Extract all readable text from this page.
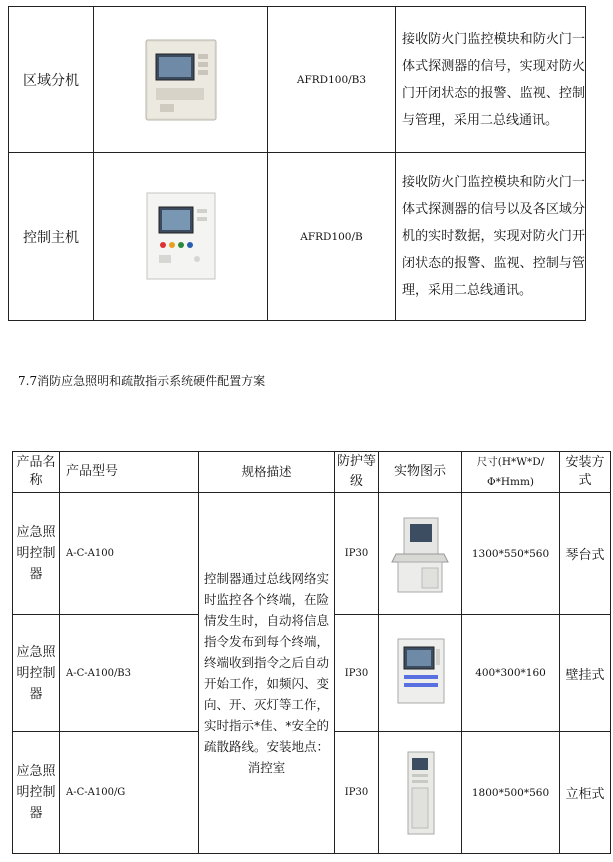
区域分机		AFRD100/B3	接收防火门监控模块和防火门一体式探测器的信号，实现对防火门开闭状态的报警、监视、控制与管理，采用二总线通讯。
控制主机		AFRD100/B	接收防火门监控模块和防火门一体式探测器的信号以及各区域分机的实时数据，实现对防火门开闭状态的报警、监视、控制与管理，采用二总线通讯。
7.7消防应急照明和疏散指示系统硬件配置方案
产品名称	产品型号	规格描述	防护等级	实物图示	尺寸(H*W*D/Φ*Hmm)	安装方式
应急照明控制器	A-C-A100	控制器通过总线网络实时监控各个终端，在险情发生时，自动将信息指令发布到每个终端，终端收到指令之后自动开始工作，如频闪、变向、开、灭灯等工作，实时指示*佳、*安全的疏散路线。安装地点：消控室	IP30		1300*550*560	琴台式
应急照明控制器	A-C-A100/B3		IP30		400*300*160	壁挂式
应急照明控制器	A-C-A100/G		IP30		1800*500*560	立柜式
